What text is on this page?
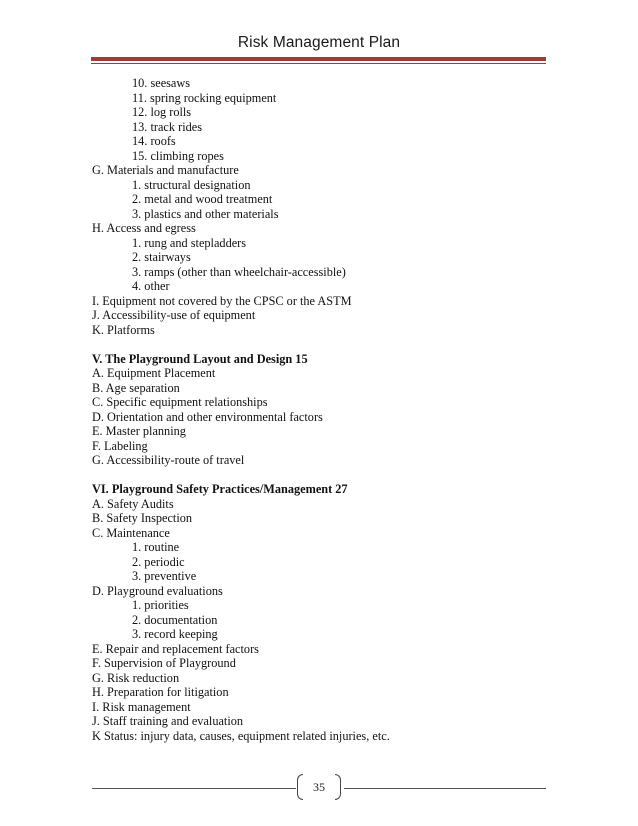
Risk Management Plan
10. seesaws
11. spring rocking equipment
12. log rolls
13. track rides
14. roofs
15. climbing ropes
G. Materials and manufacture
1. structural designation
2. metal and wood treatment
3. plastics and other materials
H. Access and egress
1. rung and stepladders
2. stairways
3. ramps (other than wheelchair-accessible)
4. other
I. Equipment not covered by the CPSC or the ASTM
J. Accessibility-use of equipment
K. Platforms
V. The Playground Layout and Design 15
A. Equipment Placement
B. Age separation
C. Specific equipment relationships
D. Orientation and other environmental factors
E. Master planning
F. Labeling
G. Accessibility-route of travel
VI. Playground Safety Practices/Management 27
A. Safety Audits
B. Safety Inspection
C. Maintenance
1. routine
2. periodic
3. preventive
D. Playground evaluations
1. priorities
2. documentation
3. record keeping
E. Repair and replacement factors
F. Supervision of Playground
G. Risk reduction
H. Preparation for litigation
I. Risk management
J. Staff training and evaluation
K Status: injury data, causes, equipment related injuries, etc.
35
